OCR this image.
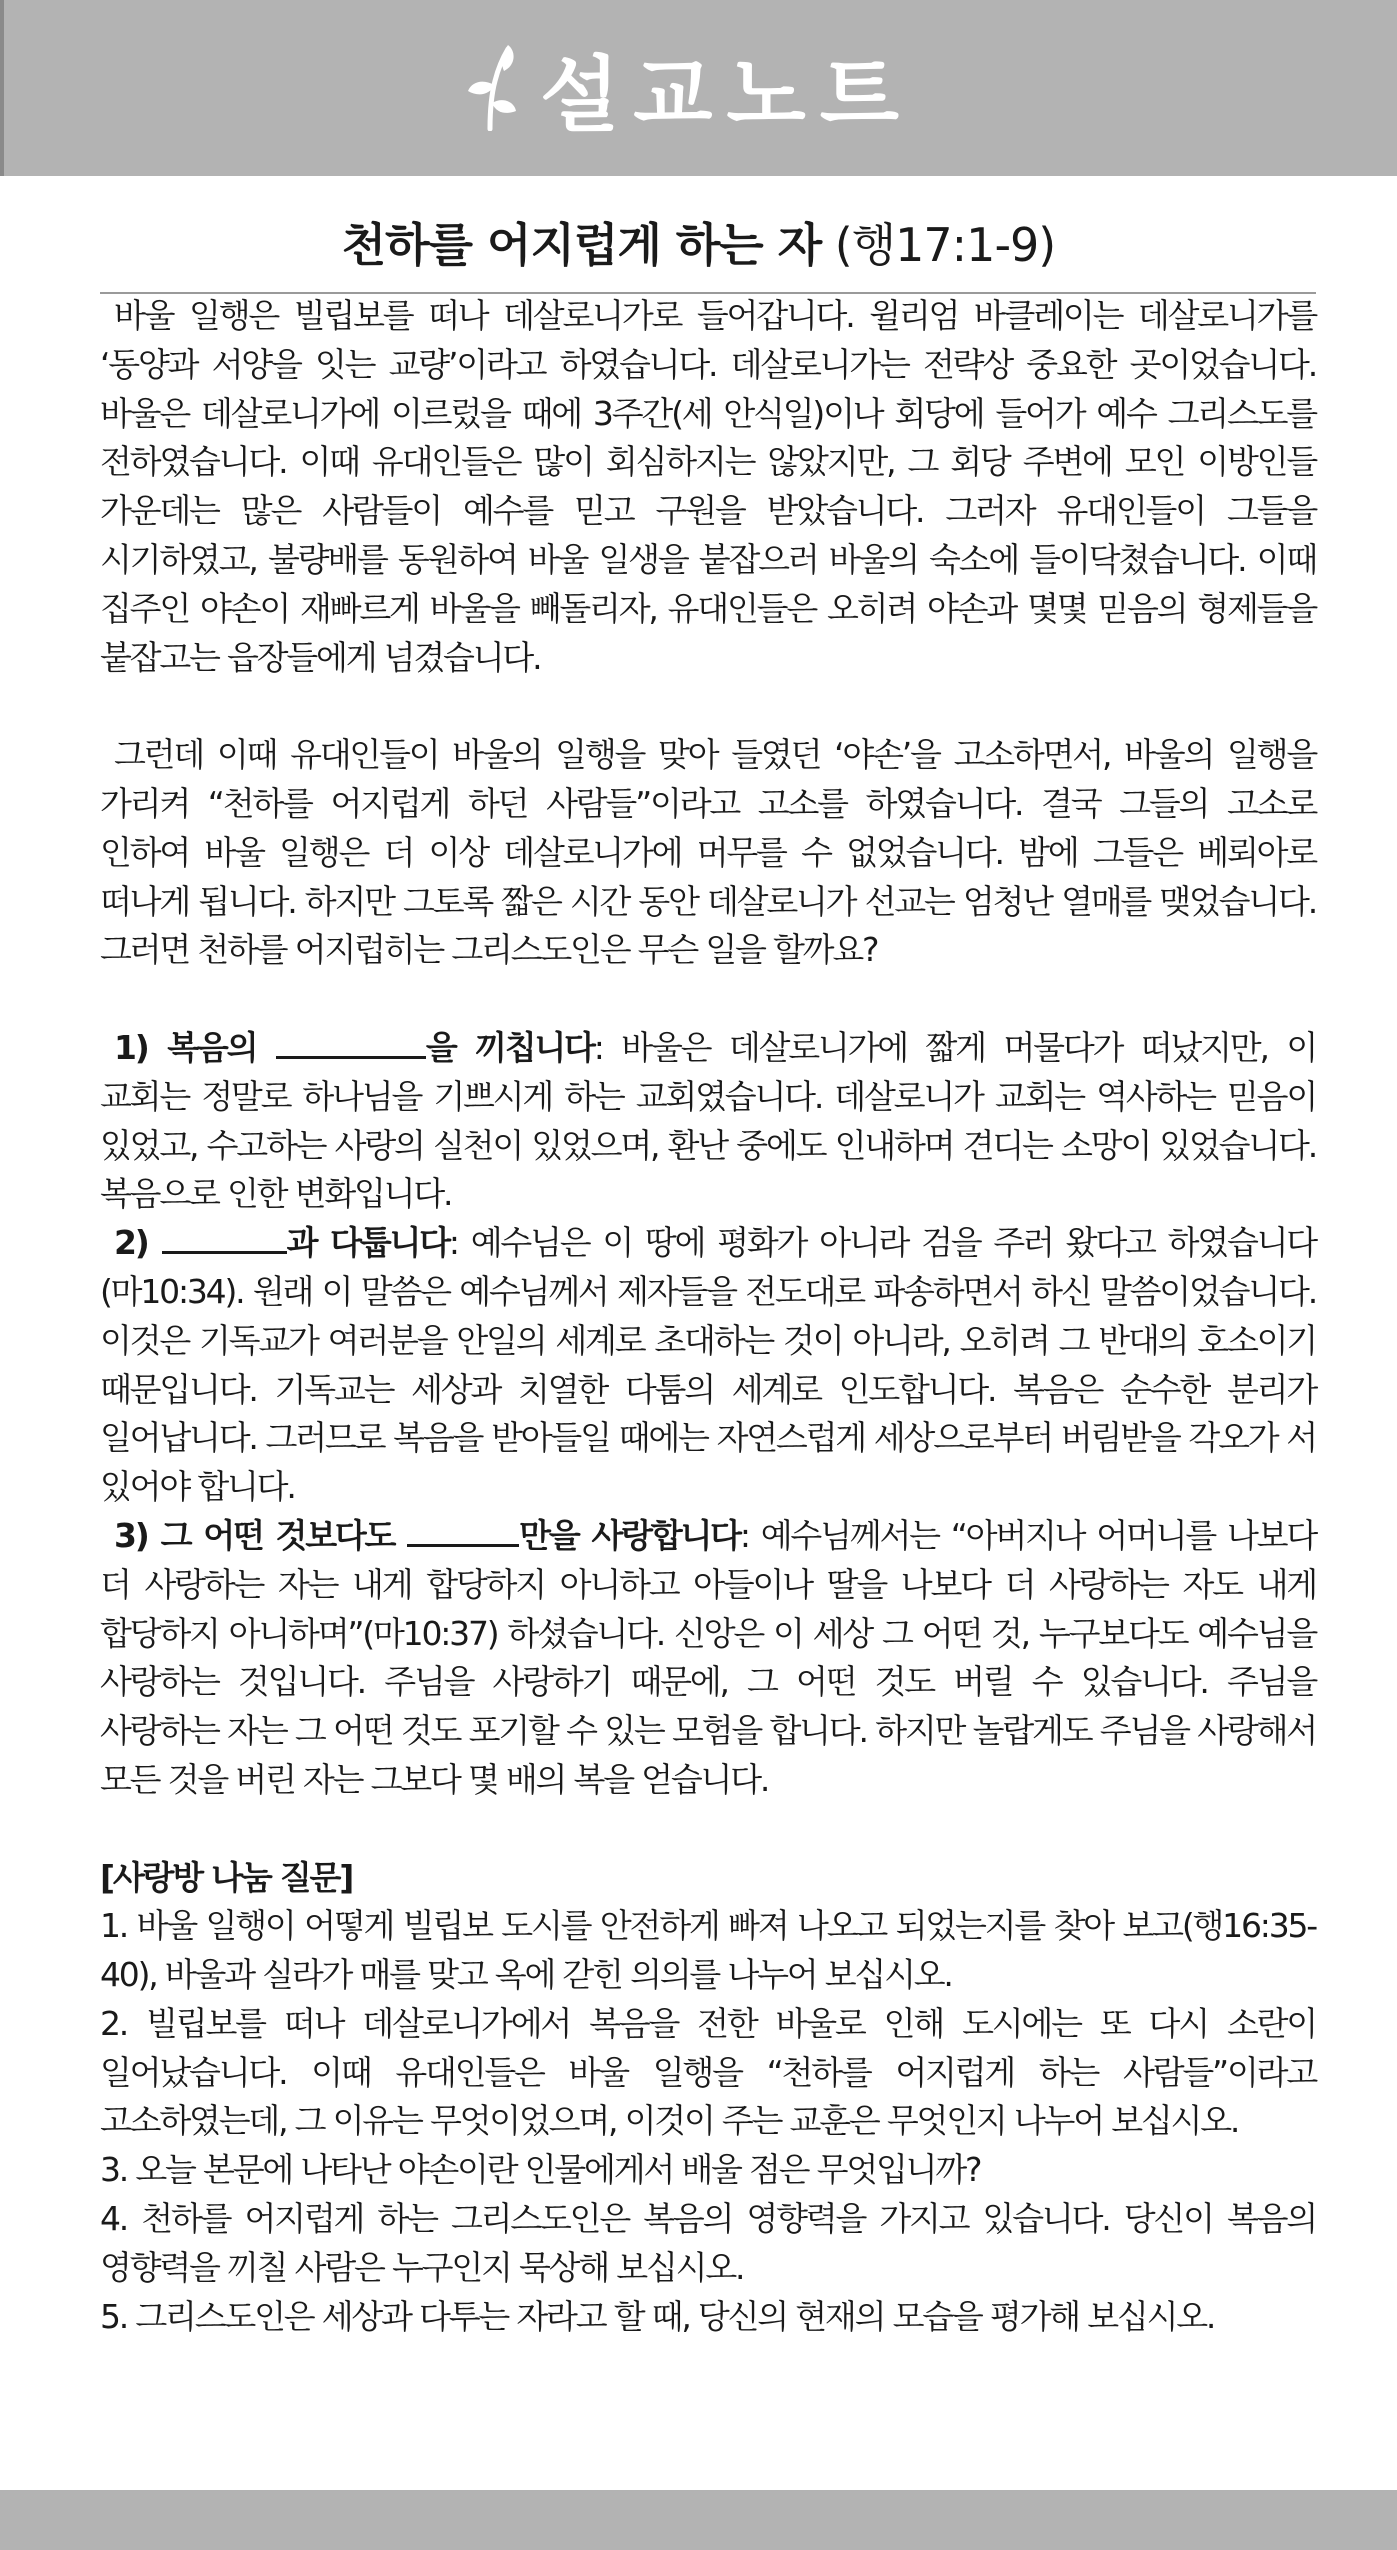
설교노트
천하를 어지럽게 하는 자 (행17:1-9)

바울 일행은 빌립보를 떠나 데살로니가로 들어갑니다. 윌리엄 바클레이는 데살로니가를 ‘동양과 서양을 잇는 교량’이라고 하였습니다. 데살로니가는 전략상 중요한 곳이었습니다. 바울은 데살로니가에 이르렀을 때에 3주간(세 안식일)이나 회당에 들어가 예수 그리스도를 전하였습니다. 이때 유대인들은 많이 회심하지는 않았지만, 그 회당 주변에 모인 이방인들 가운데는 많은 사람들이 예수를 믿고 구원을 받았습니다. 그러자 유대인들이 그들을 시기하였고, 불량배를 동원하여 바울 일생을 붙잡으러 바울의 숙소에 들이닥쳤습니다. 이때 집주인 야손이 재빠르게 바울을 빼돌리자, 유대인들은 오히려 야손과 몇몇 믿음의 형제들을 붙잡고는 읍장들에게 넘겼습니다.

그런데 이때 유대인들이 바울의 일행을 맞아 들였던 ‘야손’을 고소하면서, 바울의 일행을 가리켜 “천하를 어지럽게 하던 사람들”이라고 고소를 하였습니다. 결국 그들의 고소로 인하여 바울 일행은 더 이상 데살로니가에 머무를 수 없었습니다. 밤에 그들은 베뢰아로 떠나게 됩니다. 하지만 그토록 짧은 시간 동안 데살로니가 선교는 엄청난 열매를 맺었습니다. 그러면 천하를 어지럽히는 그리스도인은 무슨 일을 할까요?

1) 복음의	을 끼칩니다: 바울은 데살로니가에 짧게 머물다가 떠났지만, 이 교회는 정말로 하나님을 기쁘시게 하는 교회였습니다. 데살로니가 교회는 역사하는 믿음이 있었고, 수고하는 사랑의 실천이 있었으며, 환난 중에도 인내하며 견디는 소망이 있었습니다. 복음으로 인한 변화입니다.

2)	과 다툽니다: 예수님은 이 땅에 평화가 아니라 검을 주러 왔다고 하였습니다(마10:34). 원래 이 말씀은 예수님께서 제자들을 전도대로 파송하면서 하신 말씀이었습니다. 이것은 기독교가 여러분을 안일의 세계로 초대하는 것이 아니라, 오히려 그 반대의 호소이기 때문입니다. 기독교는 세상과 치열한 다툼의 세계로 인도합니다. 복음은 순수한 분리가 일어납니다. 그러므로 복음을 받아들일 때에는 자연스럽게 세상으로부터 버림받을 각오가 서 있어야 합니다.

3) 그 어떤 것보다도	만을 사랑합니다: 예수님께서는 “아버지나 어머니를 나보다 더 사랑하는 자는 내게 합당하지 아니하고 아들이나 딸을 나보다 더 사랑하는 자도 내게 합당하지 아니하며”(마10:37) 하셨습니다. 신앙은 이 세상 그 어떤 것, 누구보다도 예수님을 사랑하는 것입니다. 주님을 사랑하기 때문에, 그 어떤 것도 버릴 수 있습니다. 주님을 사랑하는 자는 그 어떤 것도 포기할 수 있는 모험을 합니다. 하지만 놀랍게도 주님을 사랑해서 모든 것을 버린 자는 그보다 몇 배의 복을 얻습니다.

[사랑방 나눔 질문]

1. 바울 일행이 어떻게 빌립보 도시를 안전하게 빠져 나오고 되었는지를 찾아 보고(행16:35-40), 바울과 실라가 매를 맞고 옥에 갇힌 의의를 나누어 보십시오.

2. 빌립보를 떠나 데살로니가에서 복음을 전한 바울로 인해 도시에는 또 다시 소란이 일어났습니다. 이때 유대인들은 바울 일행을 “천하를 어지럽게 하는 사람들”이라고 고소하였는데, 그 이유는 무엇이었으며, 이것이 주는 교훈은 무엇인지 나누어 보십시오.

3. 오늘 본문에 나타난 야손이란 인물에게서 배울 점은 무엇입니까?

4. 천하를 어지럽게 하는 그리스도인은 복음의 영향력을 가지고 있습니다. 당신이 복음의 영향력을 끼칠 사람은 누구인지 묵상해 보십시오.

5. 그리스도인은 세상과 다투는 자라고 할 때, 당신의 현재의 모습을 평가해 보십시오.
